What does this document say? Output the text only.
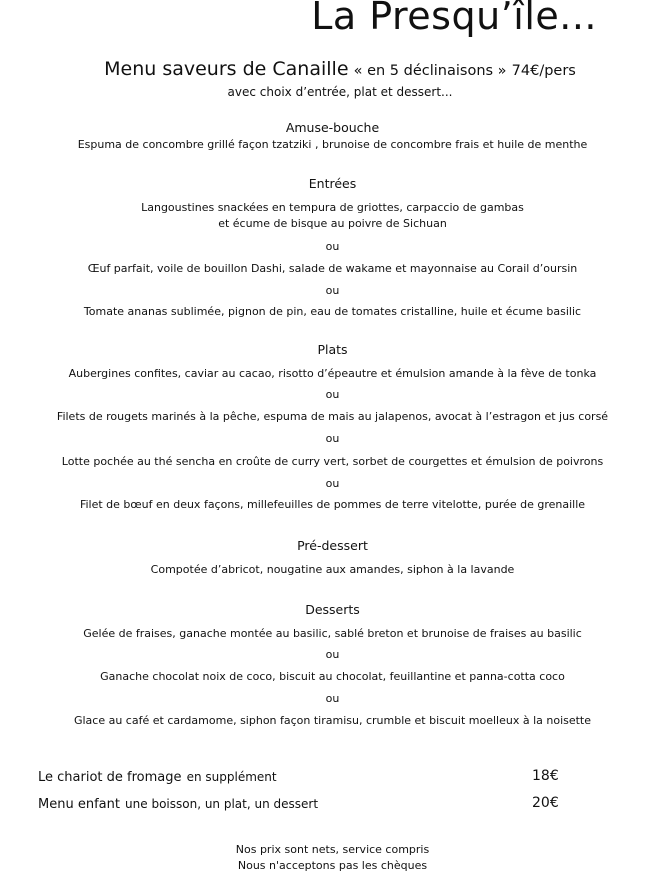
La Presqu’île...
Menu saveurs de Canaille « en 5 déclinaisons » 74€/pers
avec choix d’entrée, plat et dessert...
Amuse-bouche
Espuma de concombre grillé façon tzatziki , brunoise de concombre frais et huile de menthe
Entrées
Langoustines snackées en tempura de griottes, carpaccio de gambas
et écume de bisque au poivre de Sichuan
ou
Œuf parfait, voile de bouillon Dashi, salade de wakame et mayonnaise au Corail d’oursin
ou
Tomate ananas sublimée, pignon de pin, eau de tomates cristalline, huile et écume basilic
Plats
Aubergines confites, caviar au cacao, risotto d’épeautre et émulsion amande à la fève de tonka
ou
Filets de rougets marinés à la pêche, espuma de mais au jalapenos, avocat à l’estragon et jus corsé
ou
Lotte pochée au thé sencha en croûte de curry vert, sorbet de courgettes et émulsion de poivrons
ou
Filet de bœuf en deux façons, millefeuilles de pommes de terre vitelotte, purée de grenaille
Pré-dessert
Compotée d’abricot, nougatine aux amandes, siphon à la lavande
Desserts
Gelée de fraises, ganache montée au basilic, sablé breton et brunoise de fraises au basilic
ou
Ganache chocolat noix de coco, biscuit au chocolat, feuillantine et panna-cotta coco
ou
Glace au café et cardamome, siphon façon tiramisu, crumble et biscuit moelleux à la noisette
Le chariot de fromage en supplément	18€
Menu enfant une boisson, un plat, un dessert	20€
Nos prix sont nets, service compris
Nous n'acceptons pas les chèques
